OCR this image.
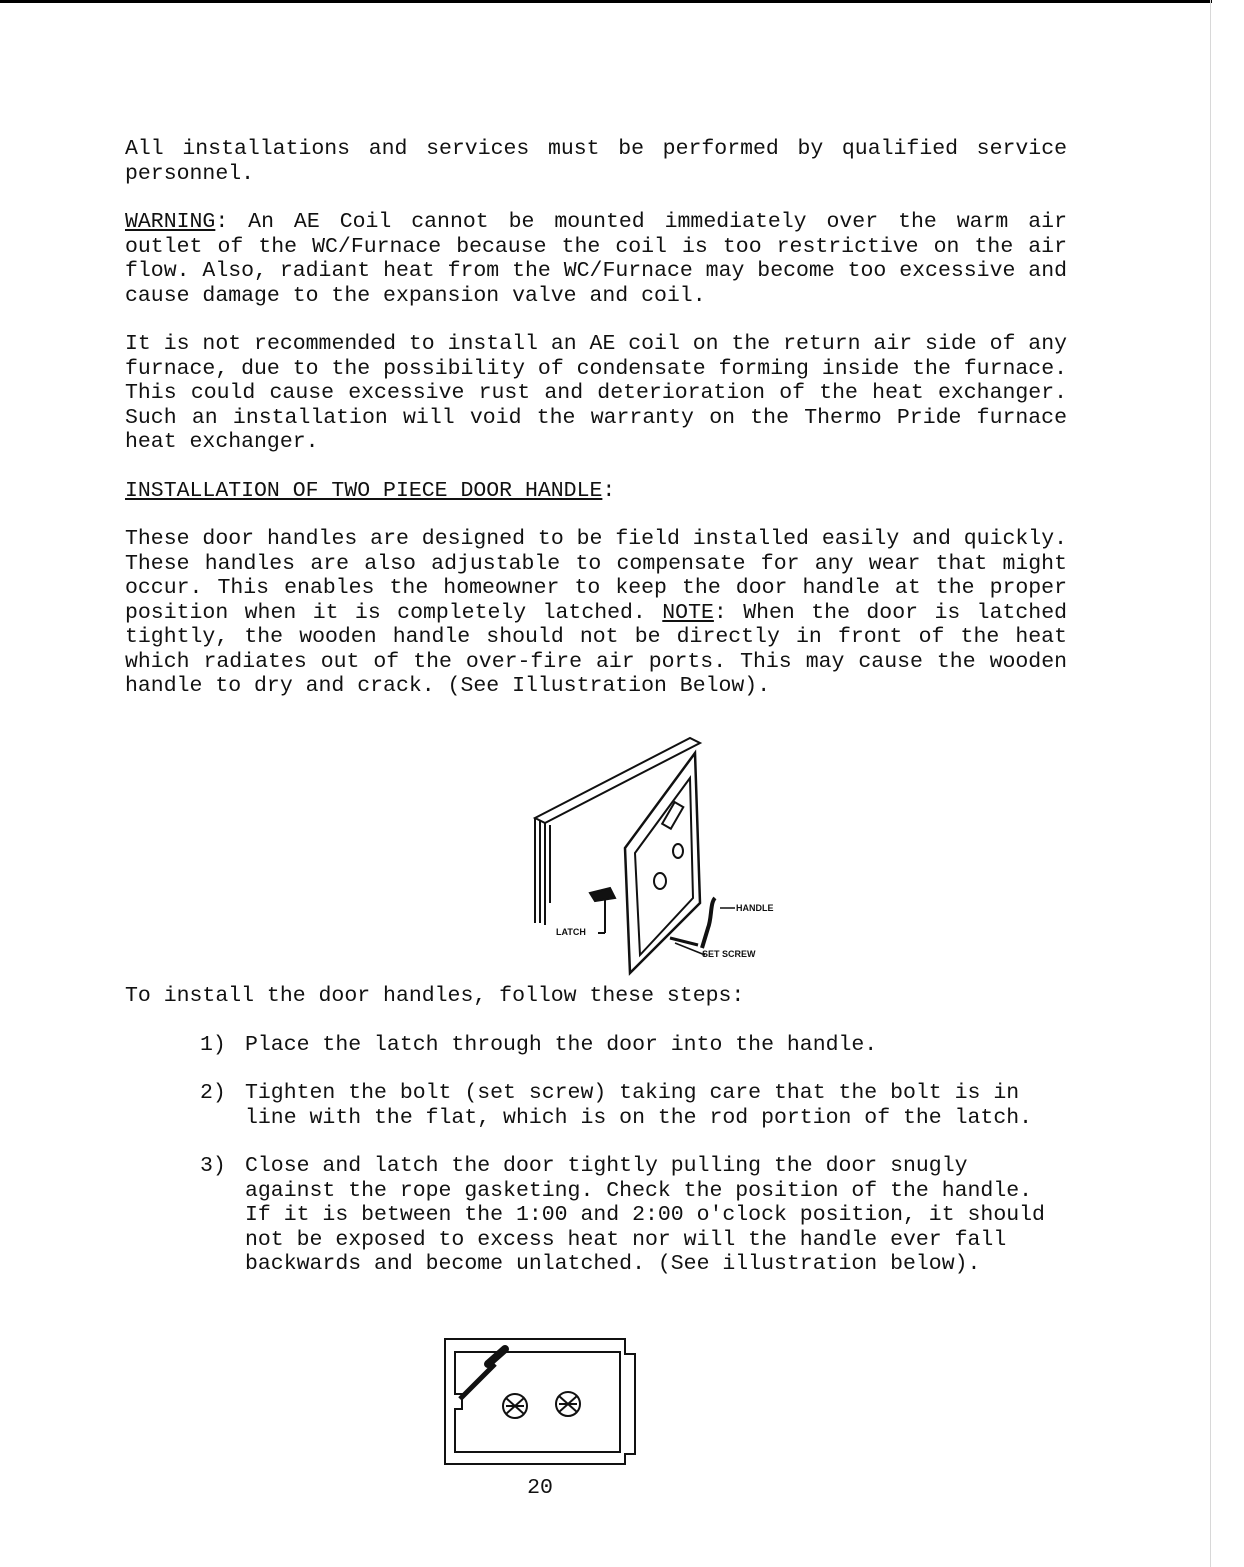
All installations and services must be performed by qualified service personnel.

WARNING: An AE Coil cannot be mounted immediately over the warm air outlet of the WC/Furnace because the coil is too restrictive on the air flow. Also, radiant heat from the WC/Furnace may become too excessive and cause damage to the expansion valve and coil.

It is not recommended to install an AE coil on the return air side of any furnace, due to the possibility of condensate forming inside the furnace. This could cause excessive rust and deterioration of the heat exchanger. Such an installation will void the warranty on the Thermo Pride furnace heat exchanger.

INSTALLATION OF TWO PIECE DOOR HANDLE:

These door handles are designed to be field installed easily and quickly. These handles are also adjustable to compensate for any wear that might occur. This enables the homeowner to keep the door handle at the proper position when it is completely latched. NOTE: When the door is latched tightly, the wooden handle should not be directly in front of the heat which radiates out of the over-fire air ports. This may cause the wooden handle to dry and crack. (See Illustration Below).

HANDLE
LATCH
SET SCREW

To install the door handles, follow these steps:

1) Place the latch through the door into the handle.
2) Tighten the bolt (set screw) taking care that the bolt is in line with the flat, which is on the rod portion of the latch.
3) Close and latch the door tightly pulling the door snugly against the rope gasketing. Check the position of the handle. If it is between the 1:00 and 2:00 o'clock position, it should not be exposed to excess heat nor will the handle ever fall backwards and become unlatched. (See illustration below).
20
